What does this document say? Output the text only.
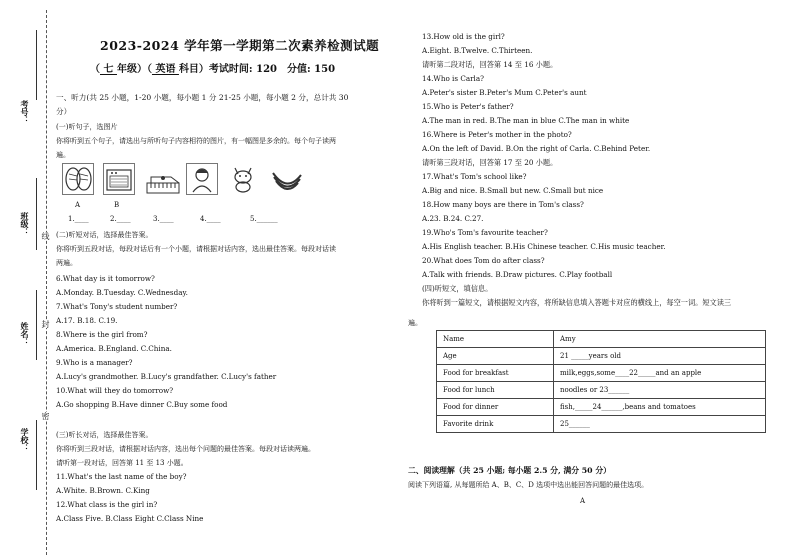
考号：
班级：
姓名：
学校：
线
封
密
2023-2024 学年第一学期第二次素养检测试题
（ 七 年级）（ 英语 科目）考试时间: 120　分值: 150
一、听力(共 25 小题，1-20 小题，每小题 1 分 21-25 小题，每小题 2 分，总计共 30
分）
(一)听句子，选图片
你将听到五个句子，请选出与所听句子内容相符的图片，有一幅图是多余的。每个句子读两
遍。
A	B
1.____	2.____	3.____	4.____	5.______
(二)听短对话，选择最佳答案。
你将听到五段对话，每段对话后有一个小题，请根据对话内容，选出最佳答案。每段对话读
两遍。
6.What day is it tomorrow?
A.Monday. B.Tuesday. C.Wednesday.
7.What's Tony's student number?
A.17. B.18. C.19.
8.Where is the girl from?
A.America. B.England. C.China.
9.Who is a manager?
A.Lucy's grandmother. B.Lucy's grandfather. C.Lucy's father
10.What will they do tomorrow?
A.Go shopping B.Have dinner C.Buy some food
(三)听长对话，选择最佳答案。
你将听到三段对话，请根据对话内容，选出每个问题的最佳答案。每段对话读两遍。
请听第一段对话，回答第 11 至 13 小题。
11.What's the last name of the boy?
A.White. B.Brown. C.King
12.What class is the girl in?
A.Class Five. B.Class Eight C.Class Nine
13.How old is the girl?
A.Eight. B.Twelve. C.Thirteen.
请听第二段对话，回答第 14 至 16 小题。
14.Who is Carla?
A.Peter's sister B.Peter's Mum C.Peter's aunt
15.Who is Peter's father?
A.The man in red. B.The man in blue C.The man in white
16.Where is Peter's mother in the photo?
A.On the left of David. B.On the right of Carla. C.Behind Peter.
请听第三段对话，回答第 17 至 20 小题。
17.What's Tom's school like?
A.Big and nice. B.Small but new. C.Small but nice
18.How many boys are there in Tom's class?
A.23. B.24. C.27.
19.Who's Tom's favourite teacher?
A.His English teacher. B.His Chinese teacher. C.His music teacher.
20.What does Tom do after class?
A.Talk with friends. B.Draw pictures. C.Play football
(四)听短文，填信息。
你将听到一篇短文，请根据短文内容，将所缺信息填入答题卡对应的横线上，每空一词。短文读三
遍。
Name	Amy
Age	21 _____years old
Food for breakfast	milk,eggs,some____22_____and an apple
Food for lunch	noodles or 23______
Food for dinner	fish,_____24______,beans and tomatoes
Favorite drink	25______
二、阅读理解（共 25 小题; 每小题 2.5 分, 满分 50 分）
阅读下列语篇, 从每题所给 A、B、C、D 选项中选出能回答问题的最佳选项。
A
